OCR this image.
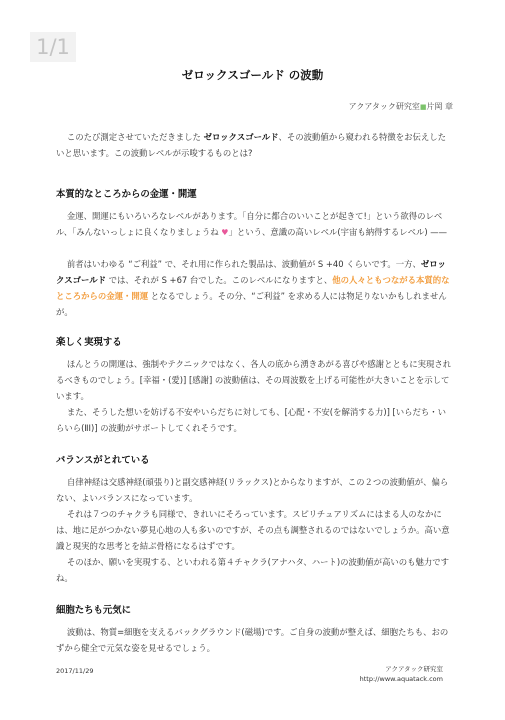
1/1
ゼロックスゴールド の波動
アクアタック研究室■片岡 章

このたび測定させていただきました ゼロックスゴールド、その波動値から窺われる特徴をお伝えしたいと思います。この波動レベルが示唆するものとは?

本質的なところからの金運・開運

金運、開運にもいろいろなレベルがあります。「自分に都合のいいことが起きて!」という欲得のレベル、「みんないっしょに良くなりましょうね ♥」という、意識の高いレベル(宇宙も納得するレベル) ——

前者はいわゆる “ご利益” で、それ用に作られた製品は、波動値が S +40 くらいです。一方、ゼロックスゴールド では、それが S +67 台でした。このレベルになりますと、他の人々ともつながる本質的なところからの金運・開運 となるでしょう。その分、“ご利益” を求める人には物足りないかもしれませんが。

楽しく実現する

ほんとうの開運は、強制やテクニックではなく、各人の底から湧きあがる喜びや感謝とともに実現されるべきものでしょう。[幸福・(愛)] [感謝] の波動値は、その周波数を上げる可能性が大きいことを示しています。

また、そうした想いを妨げる不安やいらだちに対しても、[心配・不安(を解消する力)] [いらだち・いらいら(ⅡⅠ)] の波動がサポートしてくれそうです。

バランスがとれている

自律神経は交感神経(頑張り)と副交感神経(リラックス)とからなりますが、この２つの波動値が、偏らない、よいバランスになっています。

それは７つのチャクラも同様で、きれいにそろっています。スピリチュアリズムにはまる人のなかには、地に足がつかない夢見心地の人も多いのですが、その点も調整されるのではないでしょうか。高い意識と現実的な思考とを結ぶ骨格になるはずです。

そのほか、願いを実現する、といわれる第４チャクラ(アナハタ、ハート)の波動値が高いのも魅力ですね。

細胞たちも元気に

波動は、物質=細胞を支えるバックグラウンド(磁場)です。ご自身の波動が整えば、細胞たちも、おのずから健全で元気な姿を見せるでしょう。

2017/11/29	アクアタック研究室
http://www.aquatack.com
